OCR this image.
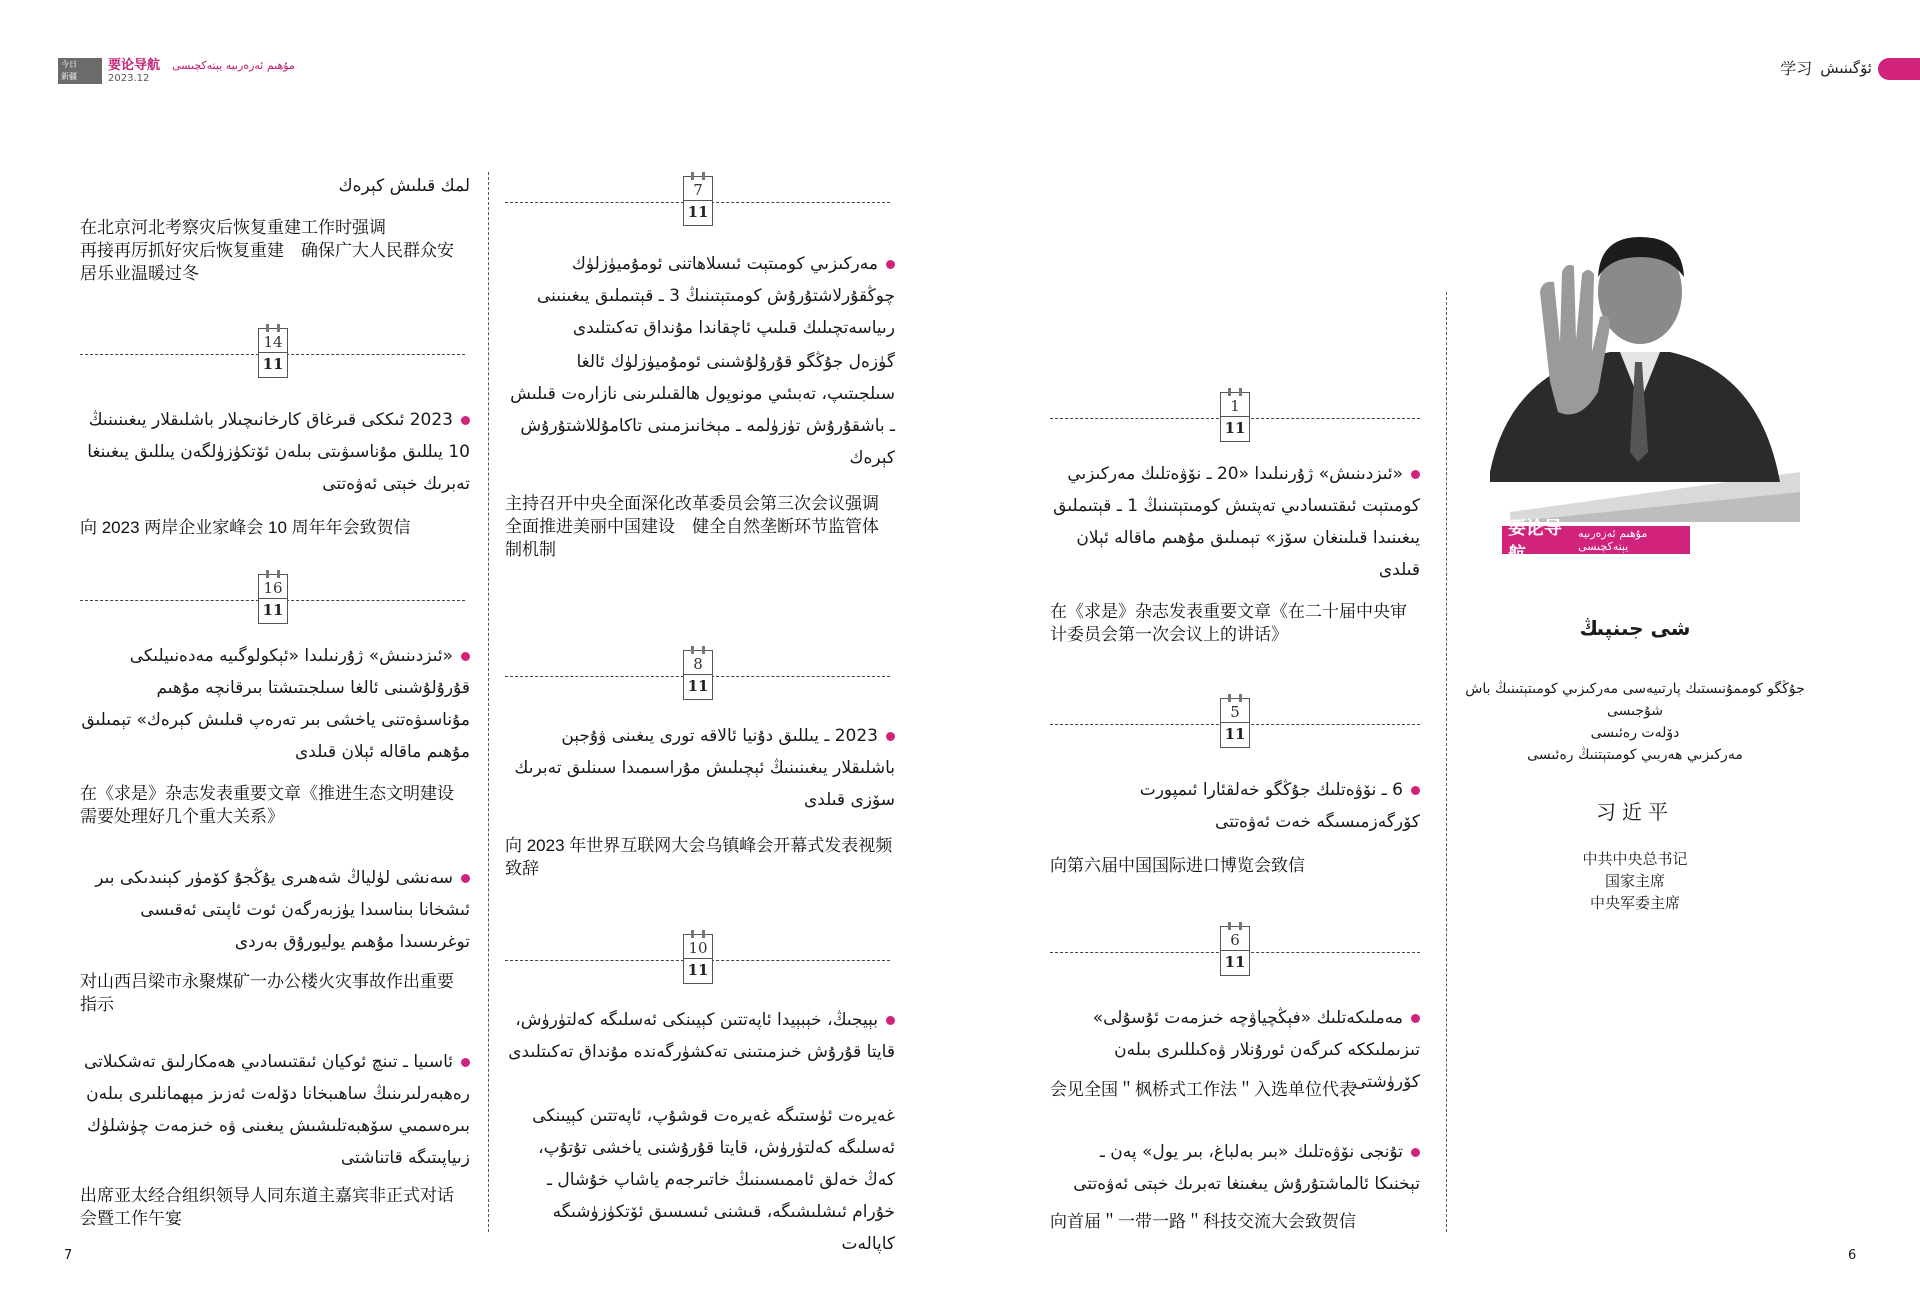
今日
新疆
要论导航 مۇھىم ئەزەرىيە يېتەكچىسى
2023.12
学习 ئۆگىنىش
لمك قىلىش كېرەك
在北京河北考察灾后恢复重建工作时强调
再接再厉抓好灾后恢复重建　确保广大人民群众安居乐业温暖过冬
14
11
2023 ئىككى قىرغاق كارخانىچىلار باشلىقلار يىغىنىنىڭ 10 يىللىق مۇناسىۋىتى بىلەن ئۆتكۈزۈلگەن يىللىق يىغىنغا تەبرىك خېتى ئەۋەتتى
向 2023 两岸企业家峰会 10 周年年会致贺信
16
11
«ئىزدىنىش» ژۇرنىلىدا «ئېكولوگىيە مەدەنىيلىكى قۇرۇلۇشىنى ئالغا سىلجىتىشتا بىرقانچە مۇھىم مۇناسىۋەتنى ياخشى بىر تەرەپ قىلىش كېرەك» تېمىلىق مۇھىم ماقالە ئېلان قىلدى
在《求是》杂志发表重要文章《推进生态文明建设需要处理好几个重大关系》
سەنشى لۈلياڭ شەھىرى يۇڭجۇ كۆمۈر كېنىدىكى بىر ئىشخانا بىناسىدا يۈزبەرگەن ئوت ئاپىتى ئەقىسى توغرىسىدا مۇھىم يوليورۇق بەردى
对山西吕梁市永聚煤矿一办公楼火灾事故作出重要指示
ئاسىيا ـ تىنچ ئوكيان ئىقتىسادىي ھەمكارلىق تەشكىلاتى رەھبەرلىرىنىڭ ساھىبخانا دۆلەت ئەزىز مېھمانلىرى بىلەن بىرەسمىي سۆھبەتلىشىش يىغىنى ۋە خىزمەت چۈشلۈك زىياپىتىگە قاتناشتى
出席亚太经合组织领导人同东道主嘉宾非正式对话会暨工作午宴
7
11
مەركىزىي كومىتېت ئىسلاھاتنى ئومۇميۈزلۈك چوڭقۇرلاشتۇرۇش كومىتېتىنىڭ 3 ـ قېتىملىق يىغىنىنى رىياسەتچىلىك قىلىپ ئاچقاندا مۇنداق تەكىتلىدى
گۈزەل جۇڭگو قۇرۇلۇشىنى ئومۇميۈزلۈك ئالغا سىلجىتىپ، تەبىئىي مونوپول ھالقىلىرىنى نازارەت قىلىش ـ باشقۇرۇش تۈزۈلمە ـ مېخانىزمىنى تاكامۇللاشتۇرۇش كېرەك
主持召开中央全面深化改革委员会第三次会议强调
全面推进美丽中国建设　健全自然垄断环节监管体制机制
8
11
2023 ـ يىللىق دۇنيا ئالاقە تورى يىغىنى ۋۇجېن باشلىقلار يىغىنىنىڭ ئېچىلىش مۇراسىمىدا سىنلىق تەبرىك سۆزى قىلدى
向 2023 年世界互联网大会乌镇峰会开幕式发表视频致辞
10
11
بېيجىڭ، خېبېيدا ئاپەتتىن كېيىنكى ئەسلىگە كەلتۈرۈش، قايتا قۇرۇش خىزمىتىنى تەكشۈرگەندە مۇنداق تەكىتلىدى
غەيرەت ئۈستىگە غەيرەت قوشۇپ، ئاپەتتىن كېيىنكى ئەسلىگە كەلتۈرۈش، قايتا قۇرۇشنى ياخشى تۇتۇپ، كەڭ خەلق ئاممىسىنىڭ خاتىرجەم ياشاپ خۇشال ـ خۇرام ئىشلىشىگە، قىشنى ئىسسىق ئۆتكۈزۈشىگە كاپالەت
1
11
«ئىزدىنىش» ژۇرنىلىدا «20 ـ نۆۋەتلىك مەركىزىي كومىتېت ئىقتىسادىي تەپتىش كومىتېتىنىڭ 1 ـ قېتىملىق يىغىنىدا قىلىنغان سۆز» تېمىلىق مۇھىم ماقالە ئېلان قىلدى
在《求是》杂志发表重要文章《在二十届中央审计委员会第一次会议上的讲话》
5
11
6 ـ نۆۋەتلىك جۇڭگو خەلقئارا ئىمپورت كۆرگەزمىسىگە خەت ئەۋەتتى
向第六届中国国际进口博览会致信
6
11
مەملىكەتلىك «فېڭچياۋچە خىزمەت ئۇسۇلى» تىزىملىككە كىرگەن ئورۇنلار ۋەكىللىرى بىلەن كۆرۈشتى
会见全国＂枫桥式工作法＂入选单位代表
تۇنجى نۆۋەتلىك «بىر بەلباغ، بىر يول» پەن ـ تېخنىكا ئالماشتۇرۇش يىغىنغا تەبرىك خېتى ئەۋەتتى
向首届＂一带一路＂科技交流大会致贺信
要论导航
مۇھىم ئەزەرىيە يېتەكچىسى
شى جىنپىڭ
جۇڭگو كوممۇنىستىك پارتىيەسى مەركىزىي كومىتېتىنىڭ باش شۇجىسى
دۆلەت رەئىسى
مەركىزىي ھەربىي كومىتېتنىڭ رەئىسى
习近平
中共中央总书记
国家主席
中央军委主席
7	6
